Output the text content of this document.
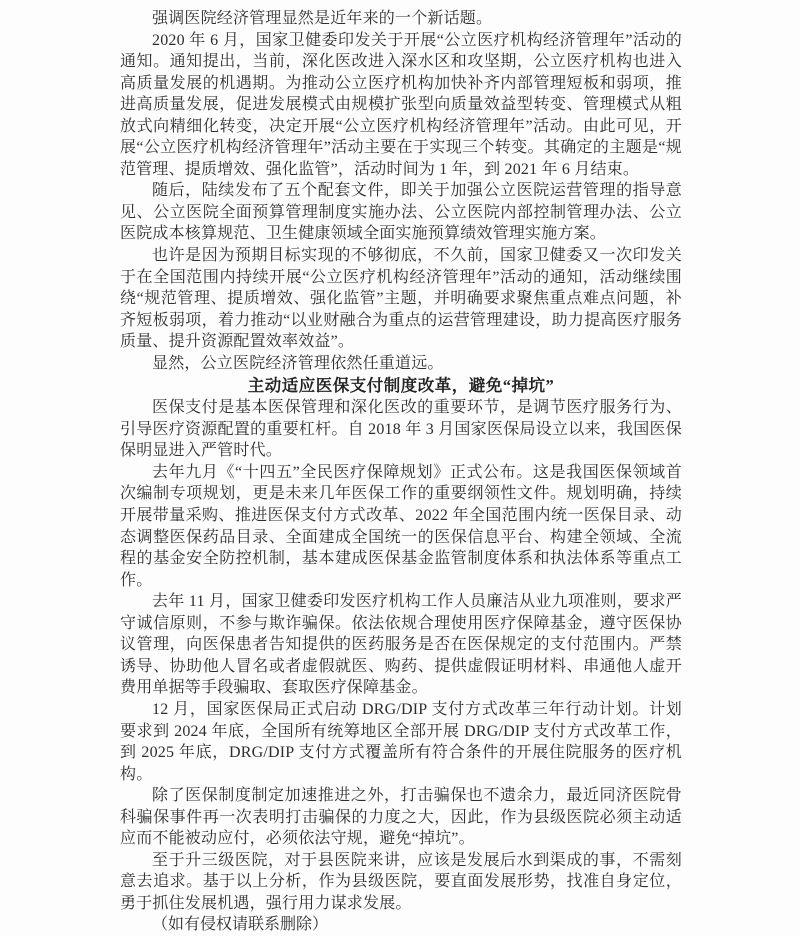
强调医院经济管理显然是近年来的一个新话题。

2020 年 6 月，国家卫健委印发关于开展“公立医疗机构经济管理年”活动的通知。通知提出，当前，深化医改进入深水区和攻坚期，公立医疗机构也进入高质量发展的机遇期。为推动公立医疗机构加快补齐内部管理短板和弱项，推进高质量发展，促进发展模式由规模扩张型向质量效益型转变、管理模式从粗放式向精细化转变，决定开展“公立医疗机构经济管理年”活动。由此可见，开展“公立医疗机构经济管理年”活动主要在于实现三个转变。其确定的主题是“规范管理、提质增效、强化监管”，活动时间为 1 年，到 2021 年 6 月结束。

随后，陆续发布了五个配套文件，即关于加强公立医院运营管理的指导意见、公立医院全面预算管理制度实施办法、公立医院内部控制管理办法、公立医院成本核算规范、卫生健康领域全面实施预算绩效管理实施方案。

也许是因为预期目标实现的不够彻底，不久前，国家卫健委又一次印发关于在全国范围内持续开展“公立医疗机构经济管理年”活动的通知，活动继续围绕“规范管理、提质增效、强化监管”主题，并明确要求聚焦重点难点问题，补齐短板弱项，着力推动“以业财融合为重点的运营管理建设，助力提高医疗服务质量、提升资源配置效率效益”。

显然，公立医院经济管理依然任重道远。

主动适应医保支付制度改革，避免“掉坑”

医保支付是基本医保管理和深化医改的重要环节，是调节医疗服务行为、引导医疗资源配置的重要杠杆。自 2018 年 3 月国家医保局设立以来，我国医保保明显进入严管时代。

去年九月《“十四五”全民医疗保障规划》正式公布。这是我国医保领域首次编制专项规划，更是未来几年医保工作的重要纲领性文件。规划明确，持续开展带量采购、推进医保支付方式改革、2022 年全国范围内统一医保目录、动态调整医保药品目录、全面建成全国统一的医保信息平台、构建全领域、全流程的基金安全防控机制，基本建成医保基金监管制度体系和执法体系等重点工作。

去年 11 月，国家卫健委印发医疗机构工作人员廉洁从业九项准则，要求严守诚信原则，不参与欺诈骗保。依法依规合理使用医疗保障基金，遵守医保协议管理，向医保患者告知提供的医药服务是否在医保规定的支付范围内。严禁诱导、协助他人冒名或者虚假就医、购药、提供虚假证明材料、串通他人虚开费用单据等手段骗取、套取医疗保障基金。

12 月，国家医保局正式启动 DRG/DIP 支付方式改革三年行动计划。计划要求到 2024 年底，全国所有统筹地区全部开展 DRG/DIP 支付方式改革工作，到 2025 年底，DRG/DIP 支付方式覆盖所有符合条件的开展住院服务的医疗机构。

除了医保制度制定加速推进之外，打击骗保也不遗余力，最近同济医院骨科骗保事件再一次表明打击骗保的力度之大，因此，作为县级医院必须主动适应而不能被动应付，必须依法守规，避免“掉坑”。

至于升三级医院，对于县医院来讲，应该是发展后水到渠成的事，不需刻意去追求。基于以上分析，作为县级医院，要直面发展形势，找准自身定位，勇于抓住发展机遇，强行用力谋求发展。

（如有侵权请联系删除）
